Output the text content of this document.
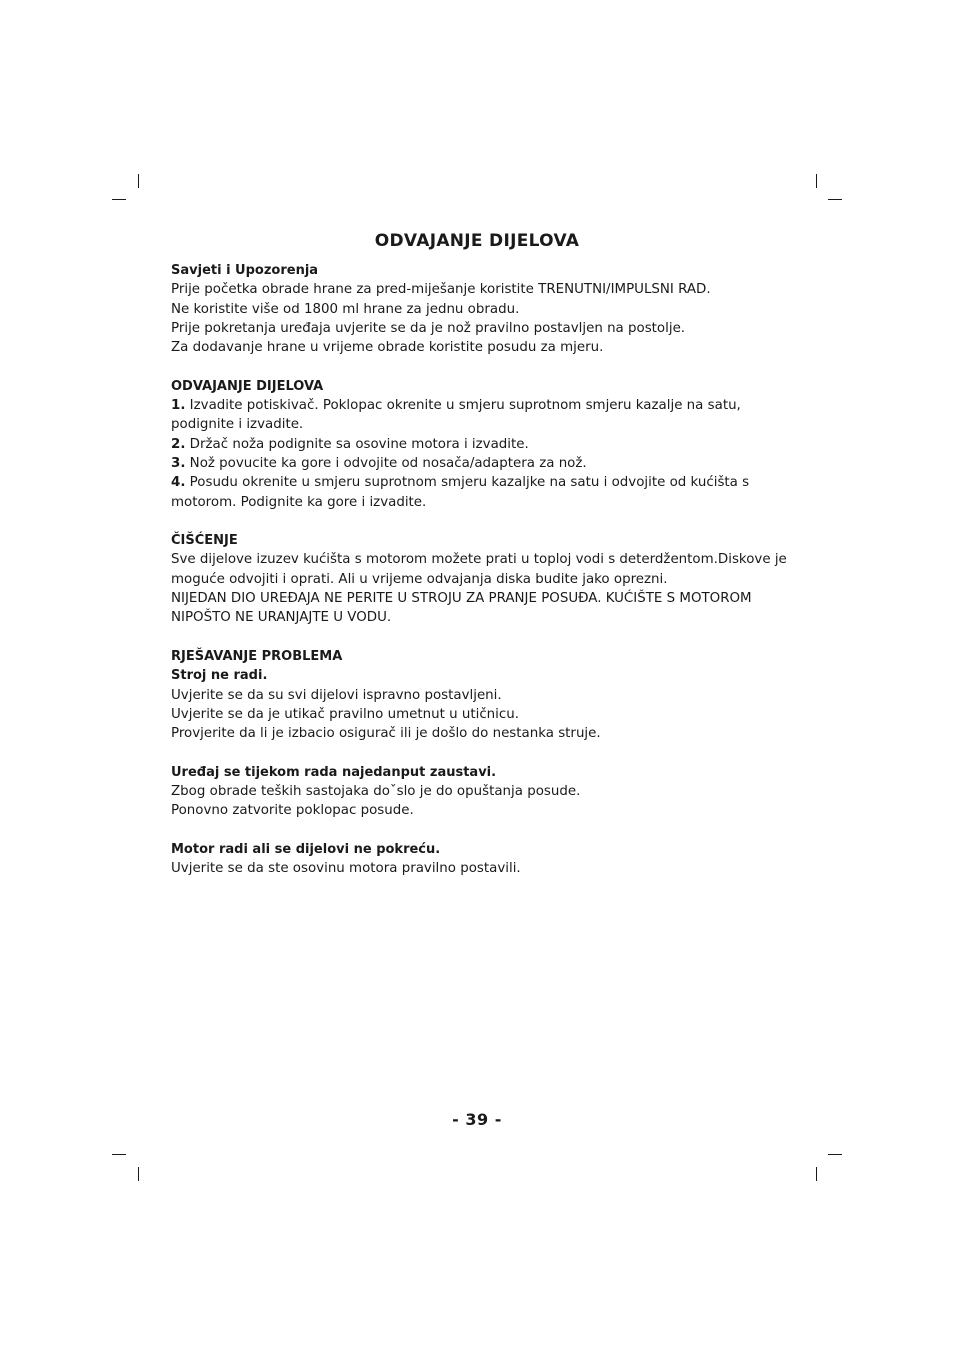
ODVAJANJE DIJELOVA

Savjeti i Upozorenja

Prije početka obrade hrane za pred-miješanje koristite TRENUTNI/IMPULSNI RAD.

Ne koristite više od 1800 ml hrane za jednu obradu.

Prije pokretanja uređaja uvjerite se da je nož pravilno postavljen na postolje.

Za dodavanje hrane u vrijeme obrade koristite posudu za mjeru.

ODVAJANJE DIJELOVA

1. Izvadite potiskivač. Poklopac okrenite u smjeru suprotnom smjeru kazalje na satu, podignite i izvadite.

2. Držač noža podignite sa osovine motora i izvadite.

3. Nož povucite ka gore i odvojite od nosača/adaptera za nož.

4. Posudu okrenite u smjeru suprotnom smjeru kazaljke na satu i odvojite od kućišta s motorom. Podignite ka gore i izvadite.

ČIŠĆENJE

Sve dijelove izuzev kućišta s motorom možete prati u toploj vodi s deterdžentom.Diskove je moguće odvojiti i oprati. Ali u vrijeme odvajanja diska budite jako oprezni.

NIJEDAN DIO UREĐAJA NE PERITE U STROJU ZA PRANJE POSUĐA. KUĆIŠTE S MOTOROM NIPOŠTO NE URANJAJTE U VODU.

RJEŠAVANJE PROBLEMA

Stroj ne radi.

Uvjerite se da su svi dijelovi ispravno postavljeni.

Uvjerite se da je utikač pravilno umetnut u utičnicu.

Provjerite da li je izbacio osigurač ili je došlo do nestanka struje.

Uređaj se tijekom rada najedanput zaustavi.

Zbog obrade teških sastojaka doˇslo je do opuštanja posude.

Ponovno zatvorite poklopac posude.

Motor radi ali se dijelovi ne pokreću.

Uvjerite se da ste osovinu motora pravilno postavili.

- 39 -
